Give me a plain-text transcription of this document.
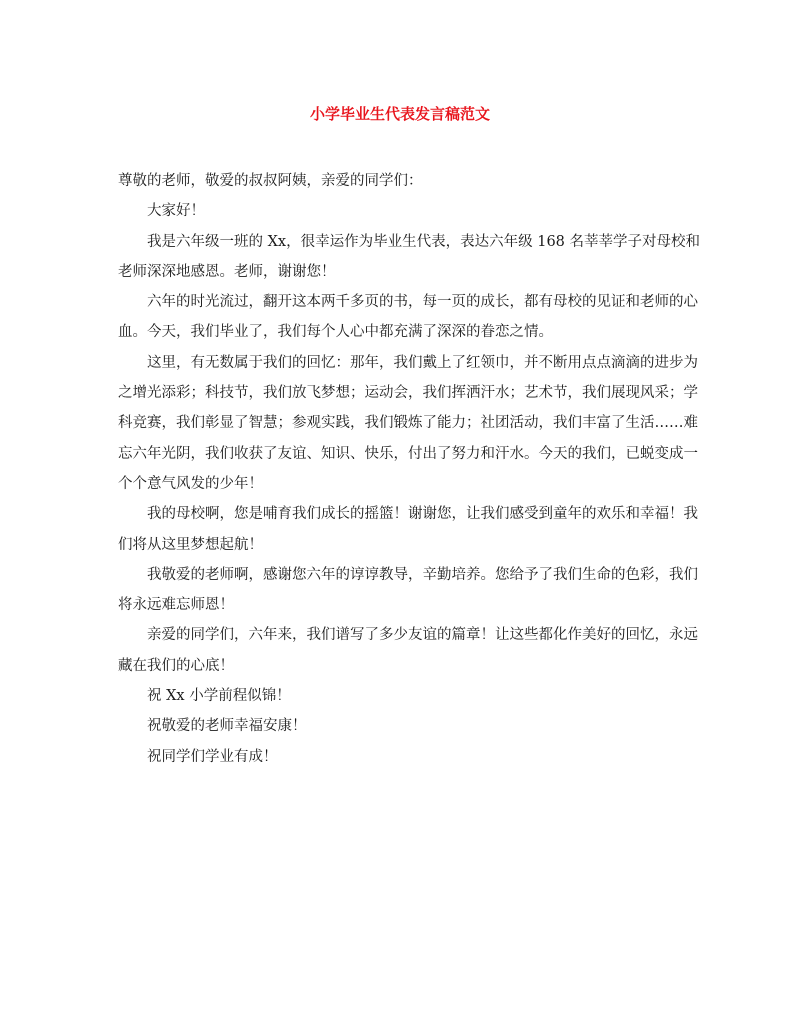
小学毕业生代表发言稿范文

尊敬的老师，敬爱的叔叔阿姨，亲爱的同学们：

大家好！

我是六年级一班的 Xx，很幸运作为毕业生代表，表达六年级 168 名莘莘学子对母校和老师深深地感恩。老师，谢谢您！

六年的时光流过，翻开这本两千多页的书，每一页的成长，都有母校的见证和老师的心血。今天，我们毕业了，我们每个人心中都充满了深深的眷恋之情。

这里，有无数属于我们的回忆：那年，我们戴上了红领巾，并不断用点点滴滴的进步为之增光添彩；科技节，我们放飞梦想；运动会，我们挥洒汗水；艺术节，我们展现风采；学科竞赛，我们彰显了智慧；参观实践，我们锻炼了能力；社团活动，我们丰富了生活……难忘六年光阴，我们收获了友谊、知识、快乐，付出了努力和汗水。今天的我们，已蜕变成一个个意气风发的少年！

我的母校啊，您是哺育我们成长的摇篮！谢谢您，让我们感受到童年的欢乐和幸福！我们将从这里梦想起航！

我敬爱的老师啊，感谢您六年的谆谆教导，辛勤培养。您给予了我们生命的色彩，我们将永远难忘师恩！

亲爱的同学们，六年来，我们谱写了多少友谊的篇章！让这些都化作美好的回忆，永远藏在我们的心底！

祝 Xx 小学前程似锦！

祝敬爱的老师幸福安康！

祝同学们学业有成！
